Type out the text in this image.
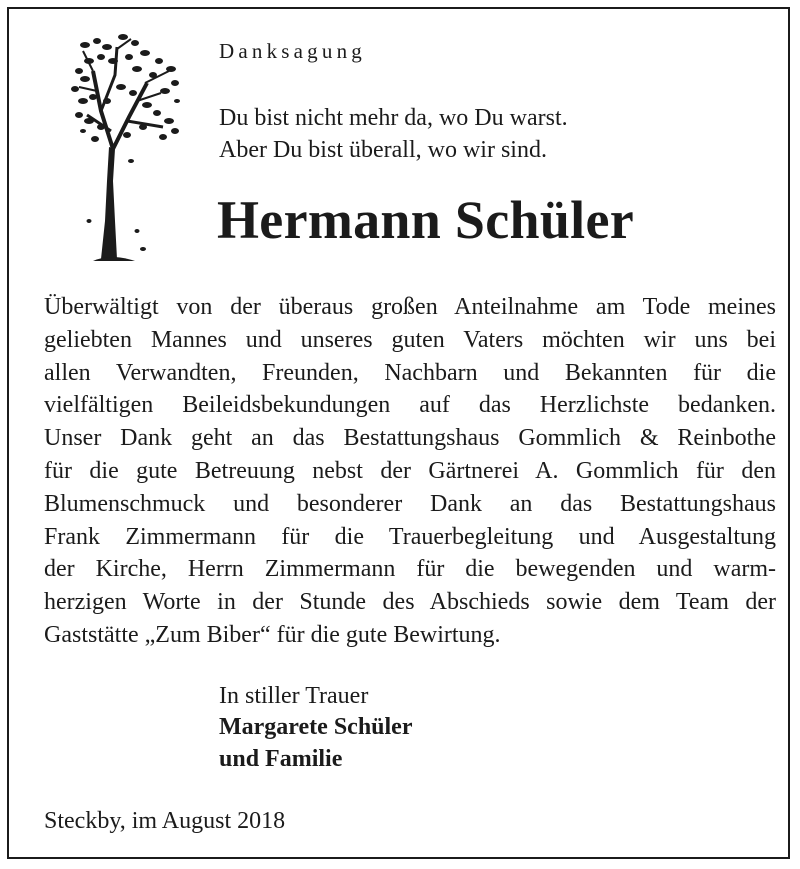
Danksagung
Du bist nicht mehr da, wo Du warst.
Aber Du bist überall, wo wir sind.
Hermann Schüler
Überwältigt von der überaus großen Anteilnahme am Tode meines
geliebten Mannes und unseres guten Vaters möchten wir uns bei
allen Verwandten, Freunden, Nachbarn und Bekannten für die
vielfältigen Beileidsbekundungen auf das Herzlichste bedanken.
Unser Dank geht an das Bestattungshaus Gommlich & Reinbothe
für die gute Betreuung nebst der Gärtnerei A. Gommlich für den
Blumenschmuck und besonderer Dank an das Bestattungshaus
Frank Zimmermann für die Trauerbegleitung und Ausgestaltung
der Kirche, Herrn Zimmermann für die bewegenden und warm-
herzigen Worte in der Stunde des Abschieds sowie dem Team der
Gaststätte „Zum Biber“ für die gute Bewirtung.
In stiller Trauer
Margarete Schüler
und Familie
Steckby, im August 2018
